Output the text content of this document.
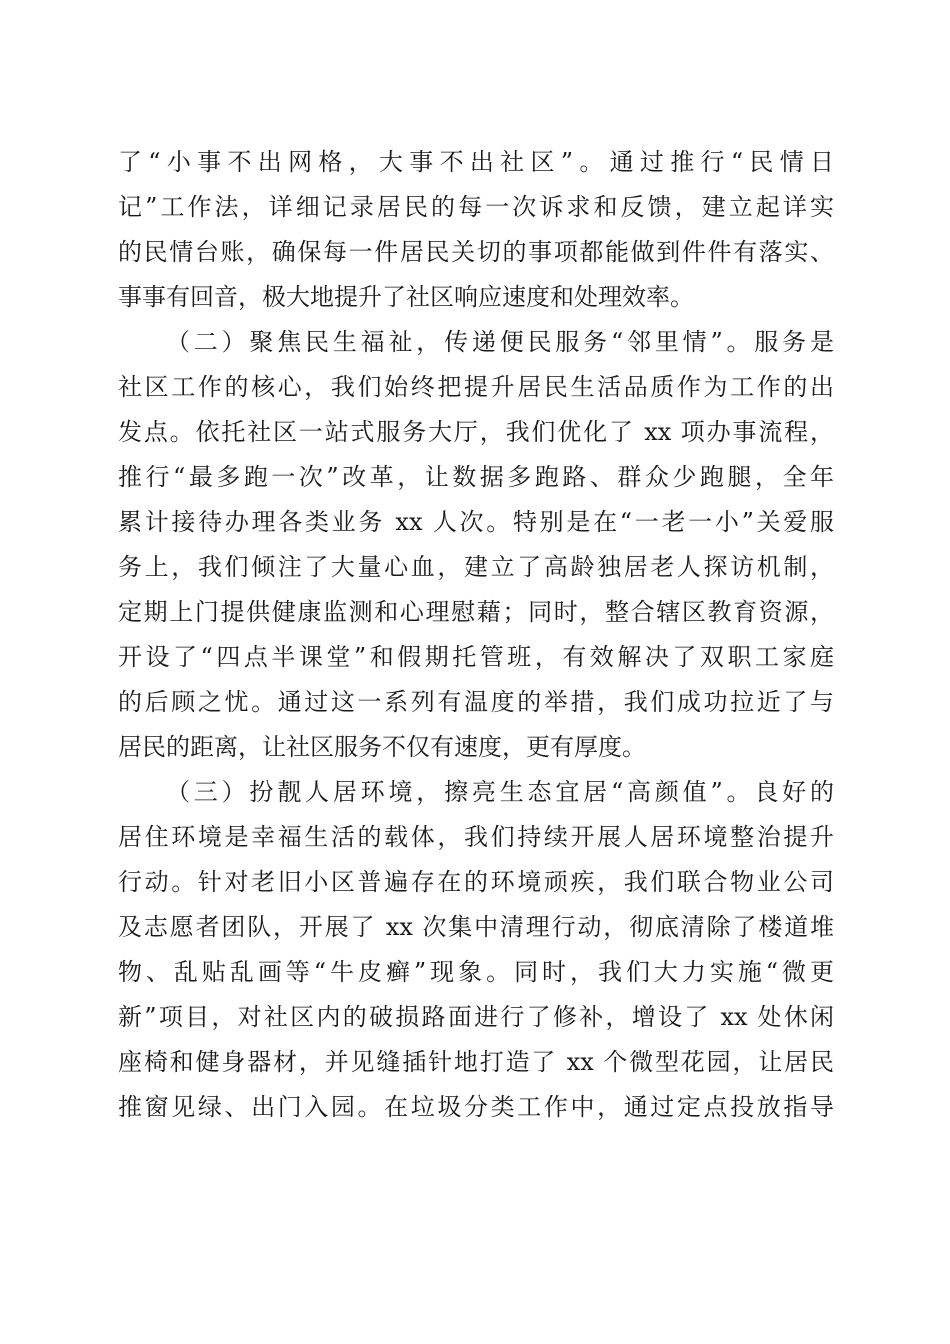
了“小事不出网格，大事不出社区”。通过推行“民情日
记”工作法，详细记录居民的每一次诉求和反馈，建立起详实
的民情台账，确保每一件居民关切的事项都能做到件件有落实、
事事有回音，极大地提升了社区响应速度和处理效率。
（二）聚焦民生福祉，传递便民服务“邻里情”。服务是
社区工作的核心，我们始终把提升居民生活品质作为工作的出
发点。依托社区一站式服务大厅，我们优化了 xx 项办事流程，
推行“最多跑一次”改革，让数据多跑路、群众少跑腿，全年
累计接待办理各类业务 xx 人次。特别是在“一老一小”关爱服
务上，我们倾注了大量心血，建立了高龄独居老人探访机制，
定期上门提供健康监测和心理慰藉；同时，整合辖区教育资源，
开设了“四点半课堂”和假期托管班，有效解决了双职工家庭
的后顾之忧。通过这一系列有温度的举措，我们成功拉近了与
居民的距离，让社区服务不仅有速度，更有厚度。
（三）扮靓人居环境，擦亮生态宜居“高颜值”。良好的
居住环境是幸福生活的载体，我们持续开展人居环境整治提升
行动。针对老旧小区普遍存在的环境顽疾，我们联合物业公司
及志愿者团队，开展了 xx 次集中清理行动，彻底清除了楼道堆
物、乱贴乱画等“牛皮癣”现象。同时，我们大力实施“微更
新”项目，对社区内的破损路面进行了修补，增设了 xx 处休闲
座椅和健身器材，并见缝插针地打造了 xx 个微型花园，让居民
推窗见绿、出门入园。在垃圾分类工作中，通过定点投放指导
